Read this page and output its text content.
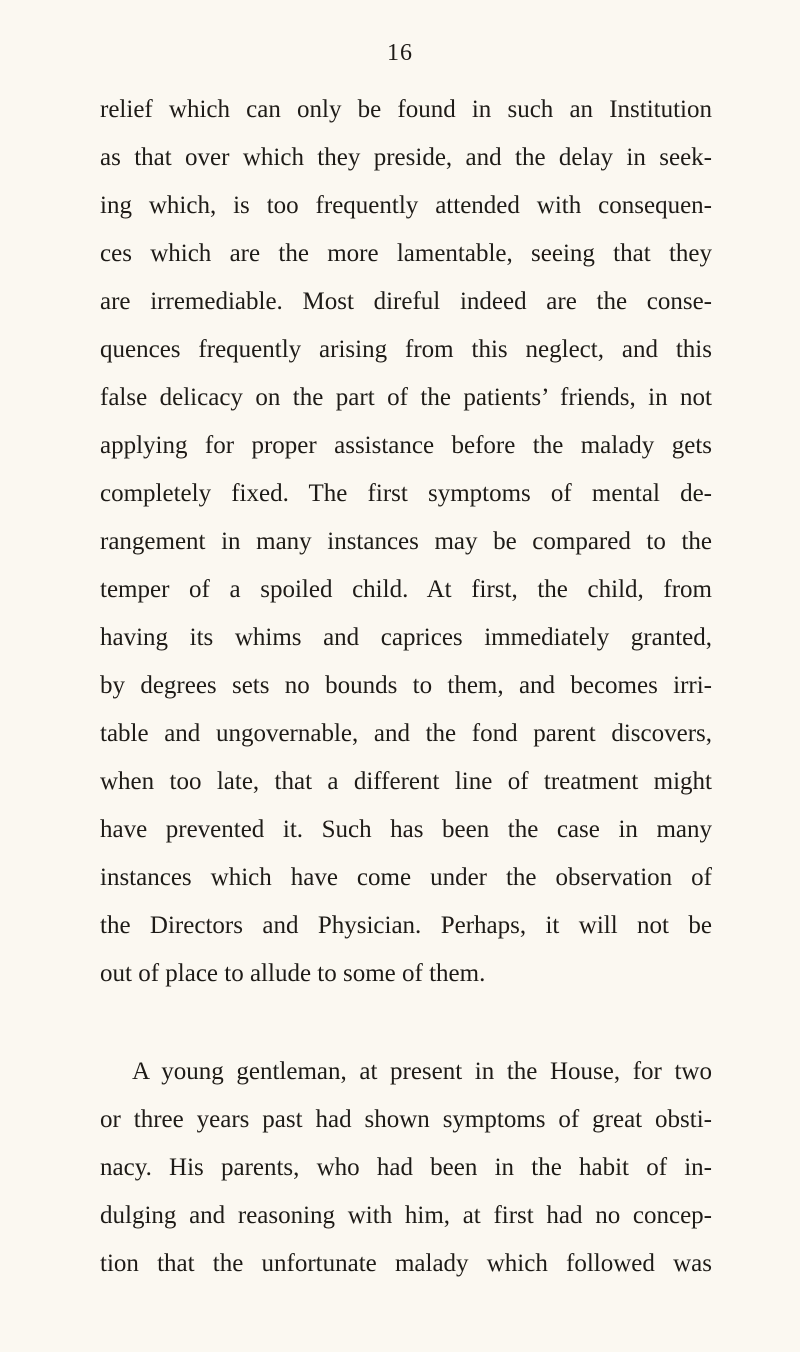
16
relief which can only be found in such an Institution
as that over which they preside, and the delay in seek-
ing which, is too frequently attended with consequen-
ces which are the more lamentable, seeing that they
are irremediable. Most direful indeed are the conse-
quences frequently arising from this neglect, and this
false delicacy on the part of the patients’ friends, in not
applying for proper assistance before the malady gets
completely fixed. The first symptoms of mental de-
rangement in many instances may be compared to the
temper of a spoiled child. At first, the child, from
having its whims and caprices immediately granted,
by degrees sets no bounds to them, and becomes irri-
table and ungovernable, and the fond parent discovers,
when too late, that a different line of treatment might
have prevented it. Such has been the case in many
instances which have come under the observation of
the Directors and Physician. Perhaps, it will not be
out of place to allude to some of them.
A young gentleman, at present in the House, for two
or three years past had shown symptoms of great obsti-
nacy. His parents, who had been in the habit of in-
dulging and reasoning with him, at first had no concep-
tion that the unfortunate malady which followed was
